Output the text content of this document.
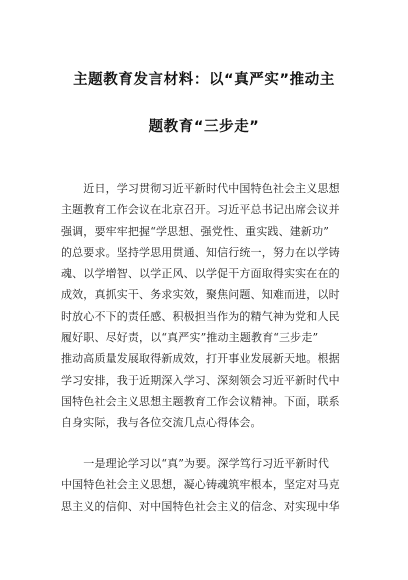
主题教育发言材料：以“真严实”推动主
题教育“三步走”
　　近日，学习贯彻习近平新时代中国特色社会主义思想
主题教育工作会议在北京召开。习近平总书记出席会议并
强调，要牢牢把握“学思想、强党性、重实践、建新功”
的总要求。坚持学思用贯通、知信行统一，努力在以学铸
魂、以学增智、以学正风、以学促干方面取得实实在在的
成效，真抓实干、务求实效，聚焦问题、知难而进，以时
时放心不下的责任感、积极担当作为的精气神为党和人民
履好职、尽好责，以“真严实”推动主题教育“三步走”
推动高质量发展取得新成效，打开事业发展新天地。根据
学习安排，我于近期深入学习、深刻领会习近平新时代中
国特色社会主义思想主题教育工作会议精神。下面，联系
自身实际，我与各位交流几点心得体会。
　　一是理论学习以“真”为要。深学笃行习近平新时代
中国特色社会主义思想，凝心铸魂筑牢根本，坚定对马克
思主义的信仰、对中国特色社会主义的信念、对实现中华
